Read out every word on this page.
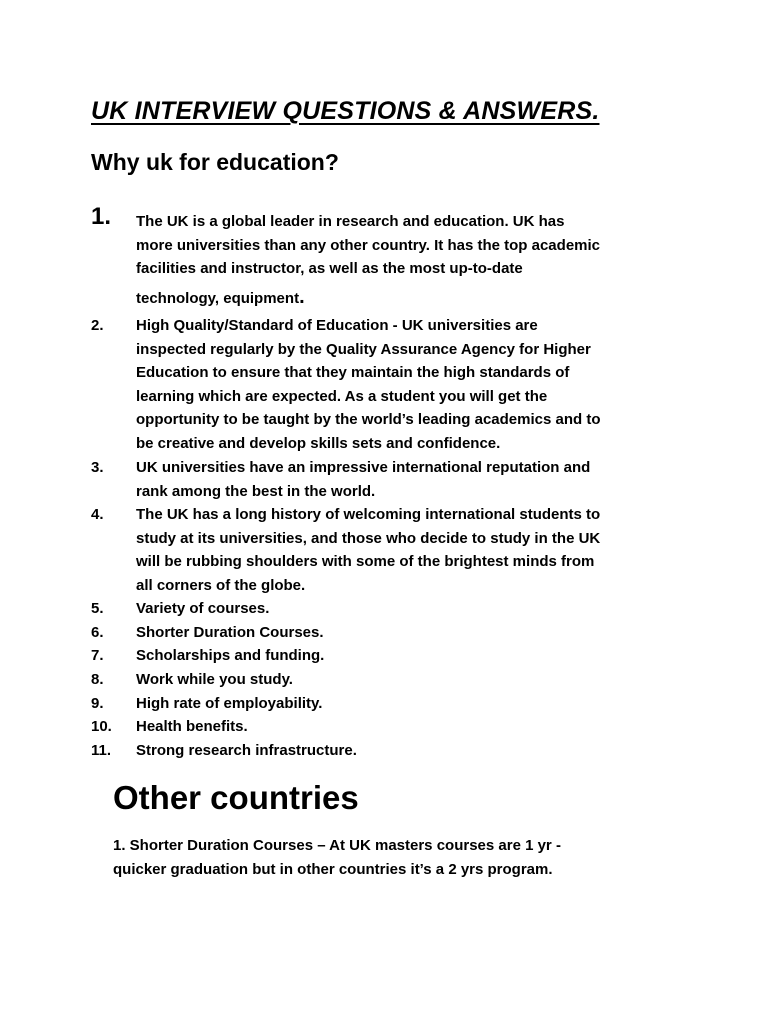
UK INTERVIEW QUESTIONS & ANSWERS.
Why uk for education?
1. The UK is a global leader in research and education. UK has
more universities than any other country. It has the top academic
facilities and instructor, as well as the most up-to-date
technology, equipment.
2. High Quality/Standard of Education - UK universities are
inspected regularly by the Quality Assurance Agency for Higher
Education to ensure that they maintain the high standards of
learning which are expected. As a student you will get the
opportunity to be taught by the world’s leading academics and to
be creative and develop skills sets and confidence.
3. UK universities have an impressive international reputation and
rank among the best in the world.
4. The UK has a long history of welcoming international students to
study at its universities, and those who decide to study in the UK
will be rubbing shoulders with some of the brightest minds from
all corners of the globe.
5. Variety of courses.
6. Shorter Duration Courses.
7. Scholarships and funding.
8. Work while you study.
9. High rate of employability.
10. Health benefits.
11. Strong research infrastructure.
Other countries
1. Shorter Duration Courses – At UK masters courses are 1 yr -
quicker graduation but in other countries it’s a 2 yrs program.
